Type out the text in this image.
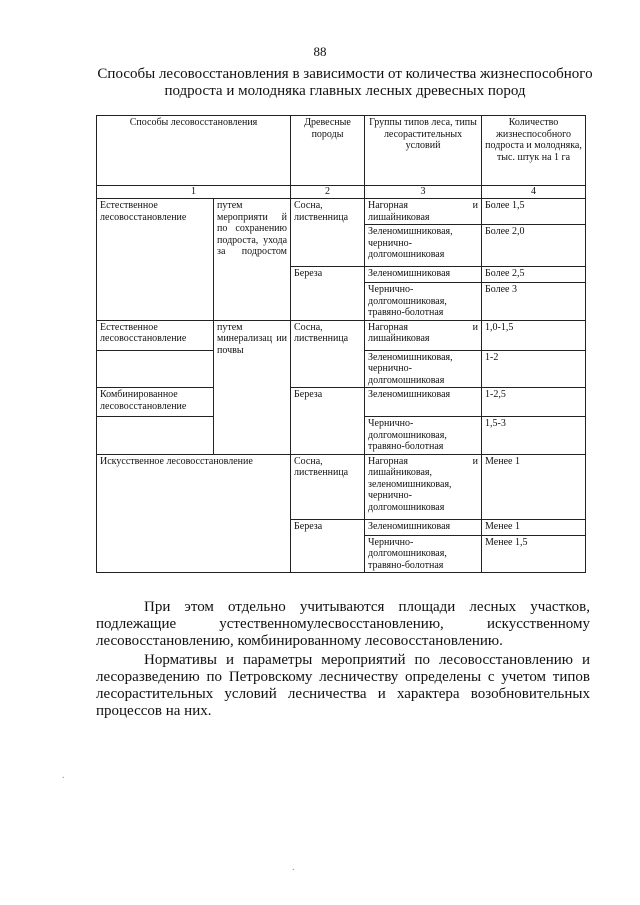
88
Способы лесовосстановления в зависимости от количества жизнеспособного
подроста и молодняка главных лесных древесных пород
Способы лесовосстановления		Древесные породы	Группы типов леса, типы лесорастительных условий	Количество жизнеспособного подроста и молодняка, тыс. штук на 1 га
1		2	3	4
Естественное лесовосстановление	путем мероприяти й по сохранению подроста, ухода за подростом	Сосна, лиственница	Нагорная и лишайниковая	Более 1,5
			Зеленомишниковая, чернично-долгомошниковая	Более 2,0
		Береза	Зеленомишниковая	Более 2,5
			Чернично-долгомошниковая, травяно-болотная	Более 3
Естественное лесовосстановление	путем минерализац ии почвы	Сосна, лиственница	Нагорная и лишайниковая	1,0-1,5
			Зеленомишниковая, чернично-долгомошниковая	1-2
Комбинированное лесовосстановление		Береза	Зеленомишниковая	1-2,5
			Чернично-долгомошниковая, травяно-болотная	1,5-3
Искусственное лесовосстановление		Сосна, лиственница	Нагорная и лишайниковая, зеленомишниковая, чернично-долгомошниковая	Менее 1
		Береза	Зеленомишниковая	Менее 1
			Чернично-долгомошниковая, травяно-болотная	Менее 1,5

При этом отдельно учитываются площади лесных участков, подлежащие устественномулесвосстановлению, искусственному лесовосстановлению, комбинированному лесовосстановлению.

Нормативы и параметры мероприятий по лесовосстановлению и лесоразведению по Петровскому лесничеству определены с учетом типов лесорастительных условий лесничества и характера возобновительных процессов на них.

.
.
